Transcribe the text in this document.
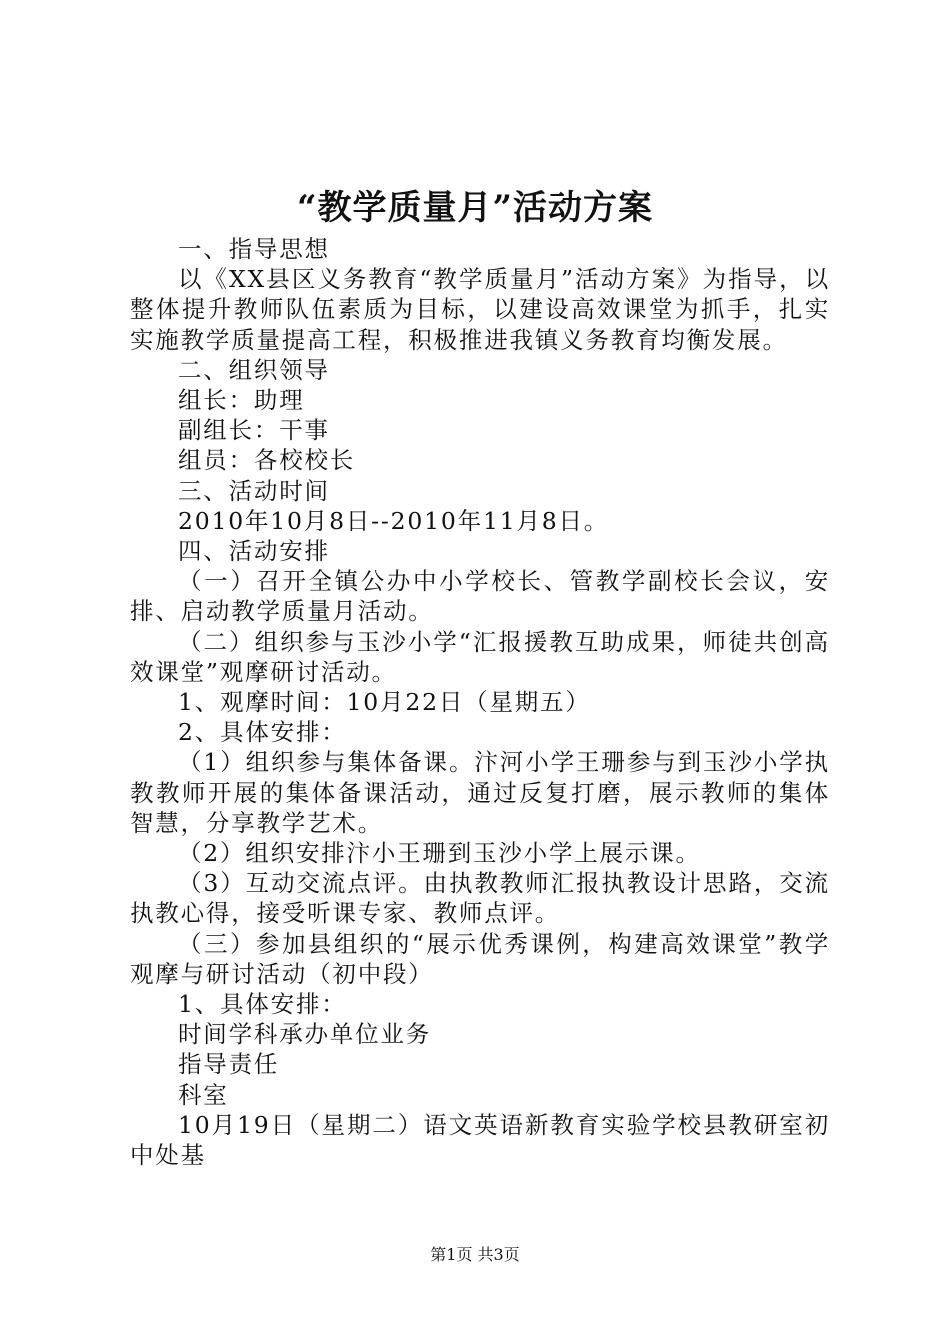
“教学质量月”活动方案

一、指导思想

以《XX县区义务教育“教学质量月”活动方案》为指导，以整体提升教师队伍素质为目标，以建设高效课堂为抓手，扎实实施教学质量提高工程，积极推进我镇义务教育均衡发展。

二、组织领导

组长：助理

副组长：干事

组员：各校校长

三、活动时间

2010年10月8日--2010年11月8日。

四、活动安排

（一）召开全镇公办中小学校长、管教学副校长会议，安排、启动教学质量月活动。

（二）组织参与玉沙小学“汇报援教互助成果，师徒共创高效课堂”观摩研讨活动。

1、观摩时间：10月22日（星期五）

2、具体安排：

（1）组织参与集体备课。汴河小学王珊参与到玉沙小学执教教师开展的集体备课活动，通过反复打磨，展示教师的集体智慧，分享教学艺术。

（2）组织安排汴小王珊到玉沙小学上展示课。

（3）互动交流点评。由执教教师汇报执教设计思路，交流执教心得，接受听课专家、教师点评。

（三）参加县组织的“展示优秀课例，构建高效课堂”教学观摩与研讨活动（初中段）

1、具体安排：

时间学科承办单位业务

指导责任

科室

10月19日（星期二）语文英语新教育实验学校县教研室初中处基

第1页 共3页
